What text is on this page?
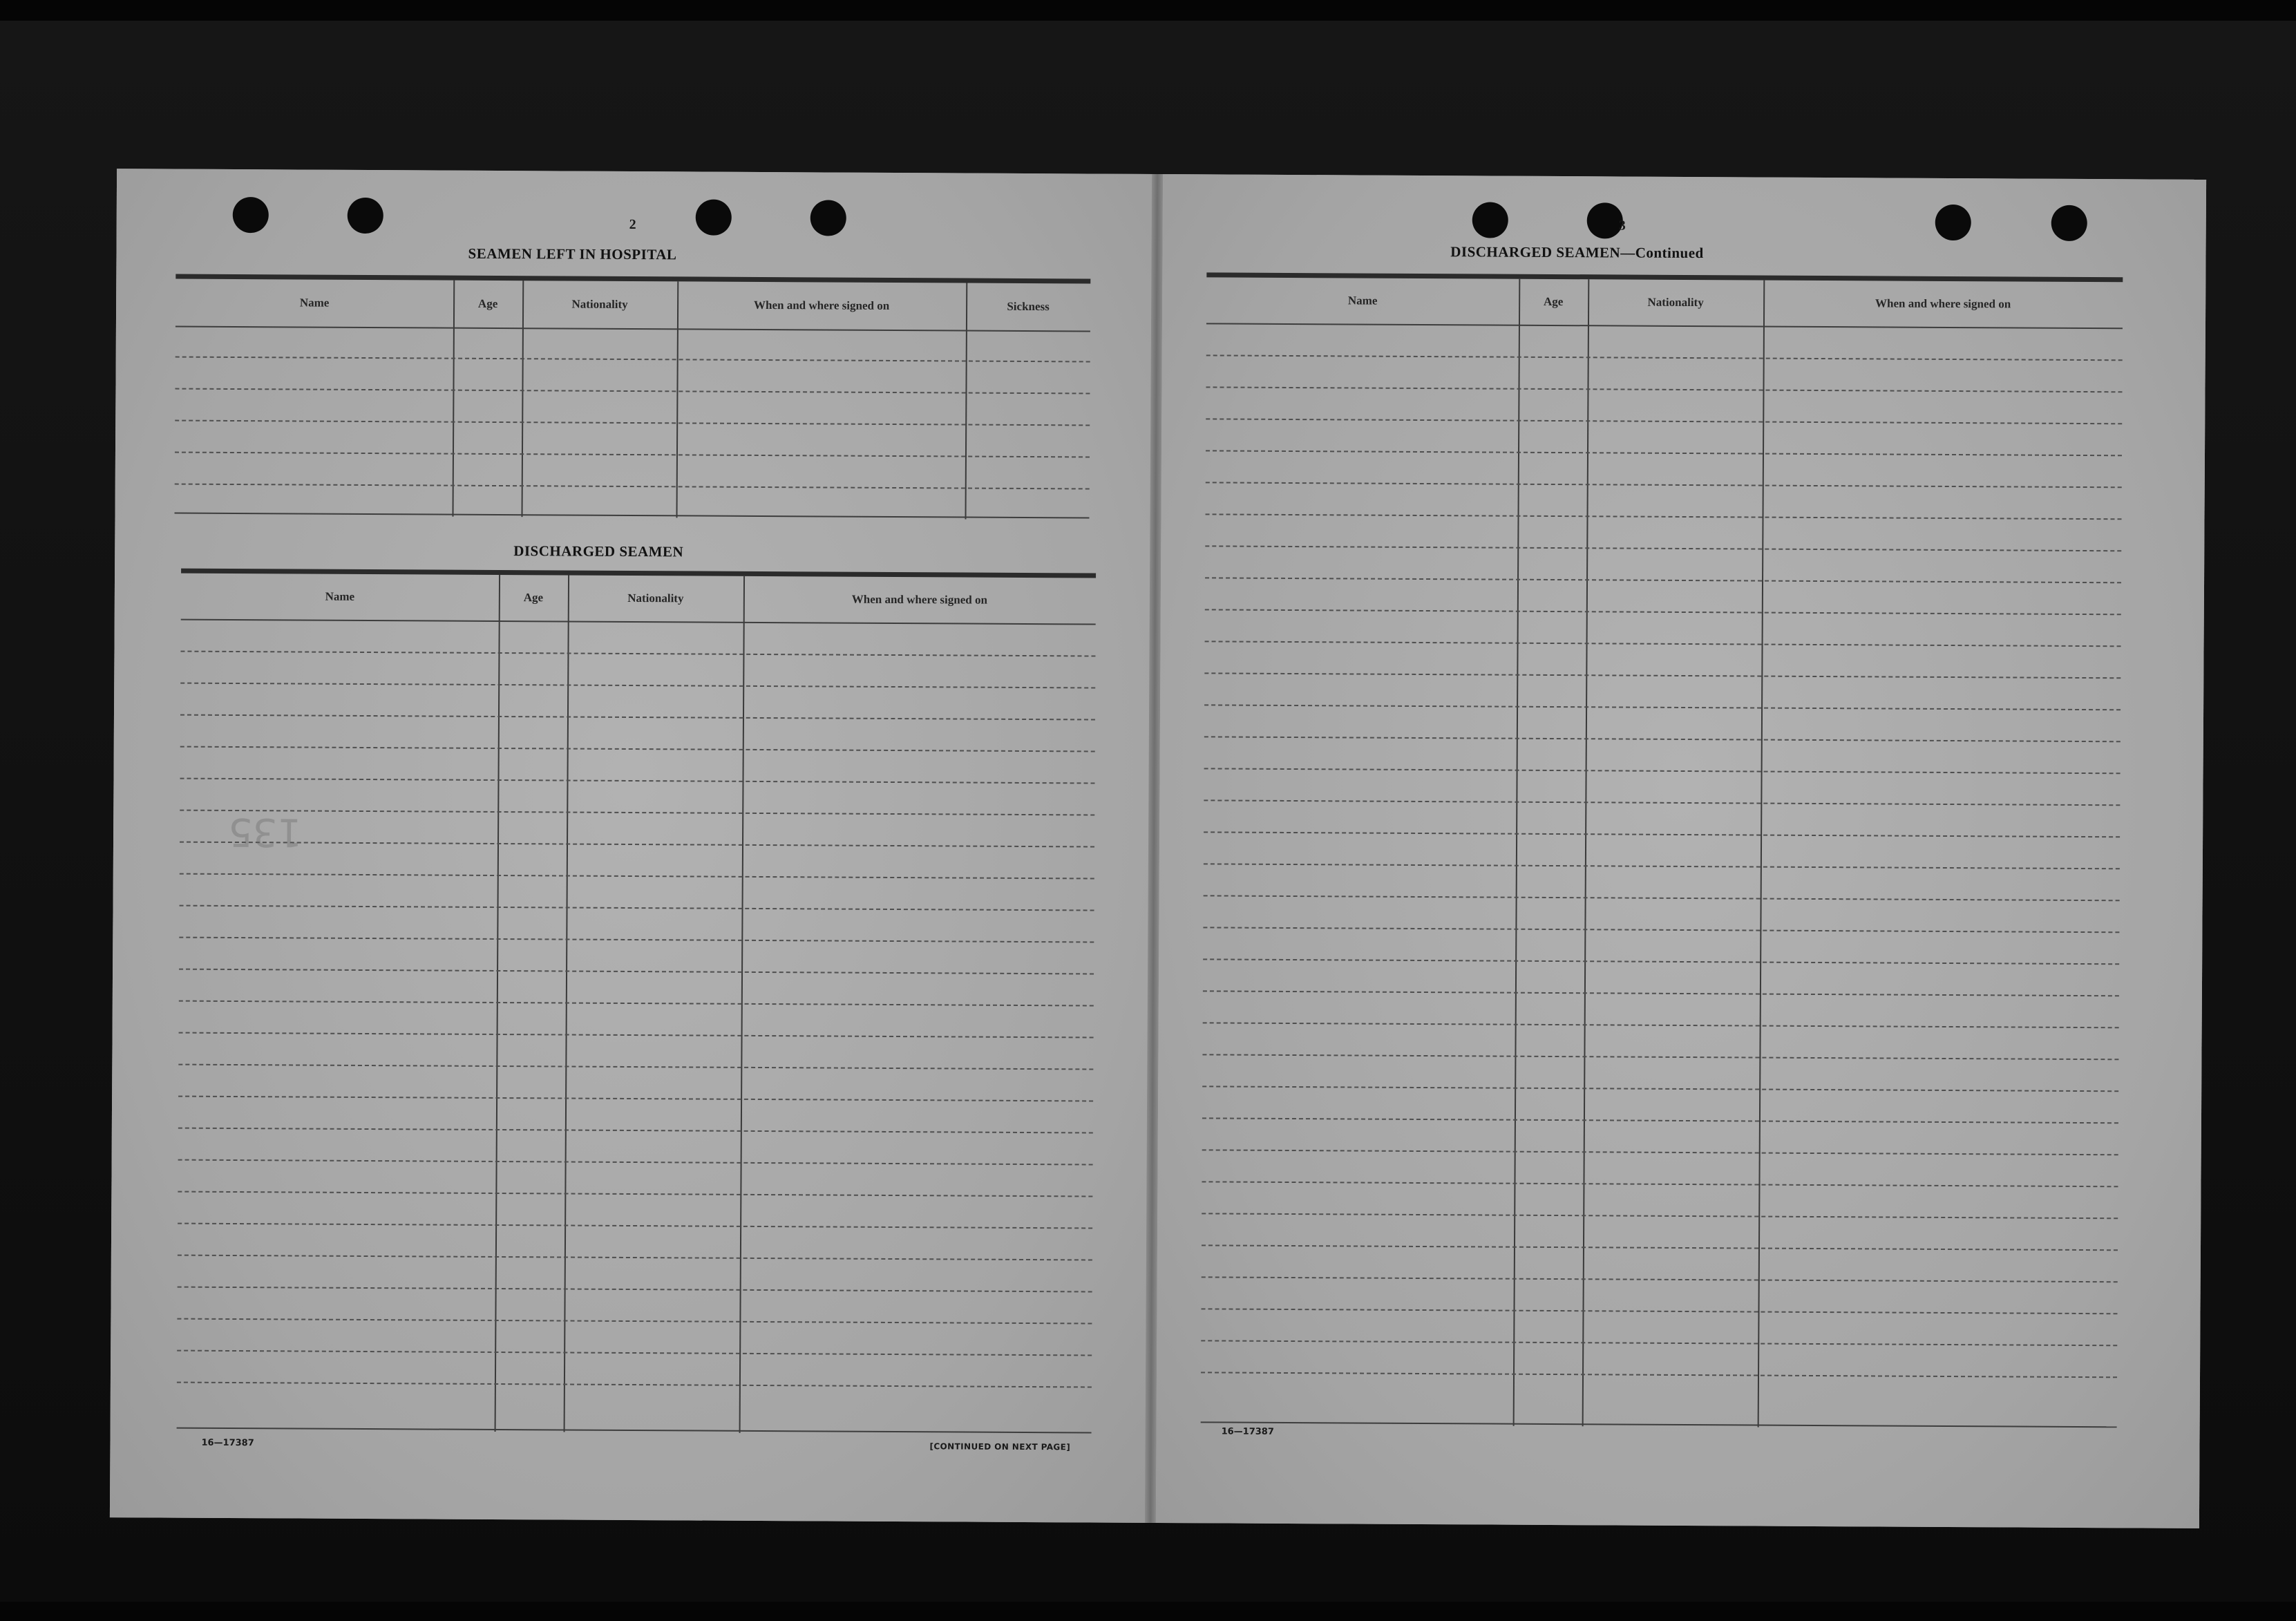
2
SEAMEN LEFT IN HOSPITAL
Name	Age	Nationality	When and where signed on	Sickness
DISCHARGED SEAMEN
Name	Age	Nationality	When and where signed on
135
16—17387	[CONTINUED ON NEXT PAGE]
3
DISCHARGED SEAMEN—Continued
Name	Age	Nationality	When and where signed on
16—17387
